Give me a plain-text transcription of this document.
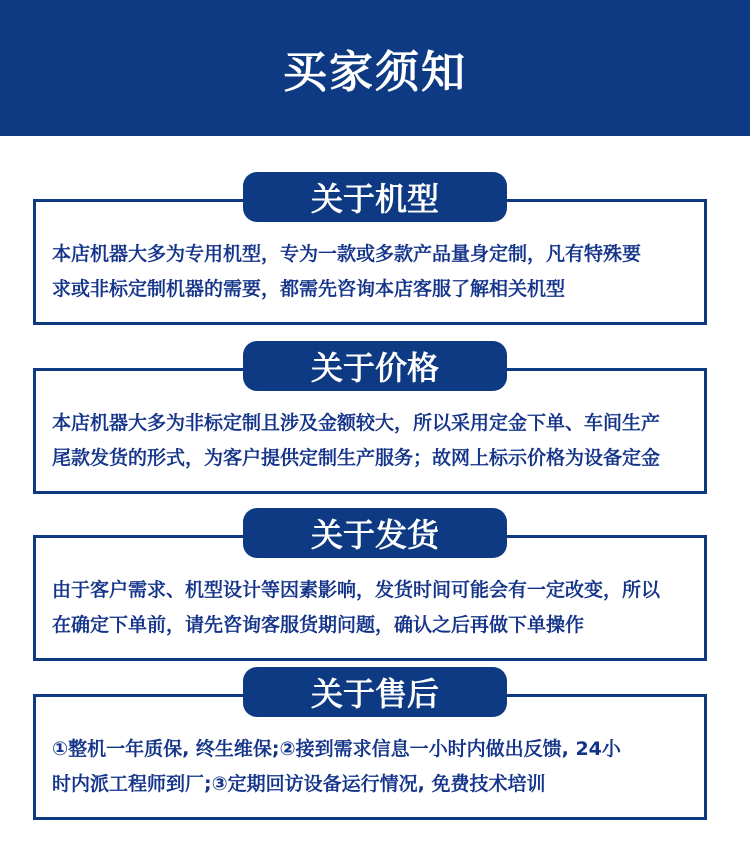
买家须知
关于机型
本店机器大多为专用机型，专为一款或多款产品量身定制，凡有特殊要
求或非标定制机器的需要，都需先咨询本店客服了解相关机型
关于价格
本店机器大多为非标定制且涉及金额较大，所以采用定金下单、车间生产
尾款发货的形式，为客户提供定制生产服务；故网上标示价格为设备定金
关于发货
由于客户需求、机型设计等因素影响，发货时间可能会有一定改变，所以
在确定下单前，请先咨询客服货期问题，确认之后再做下单操作
关于售后
①整机一年质保, 终生维保;②接到需求信息一小时内做出反馈, 24小
时内派工程师到厂;③定期回访设备运行情况, 免费技术培训
